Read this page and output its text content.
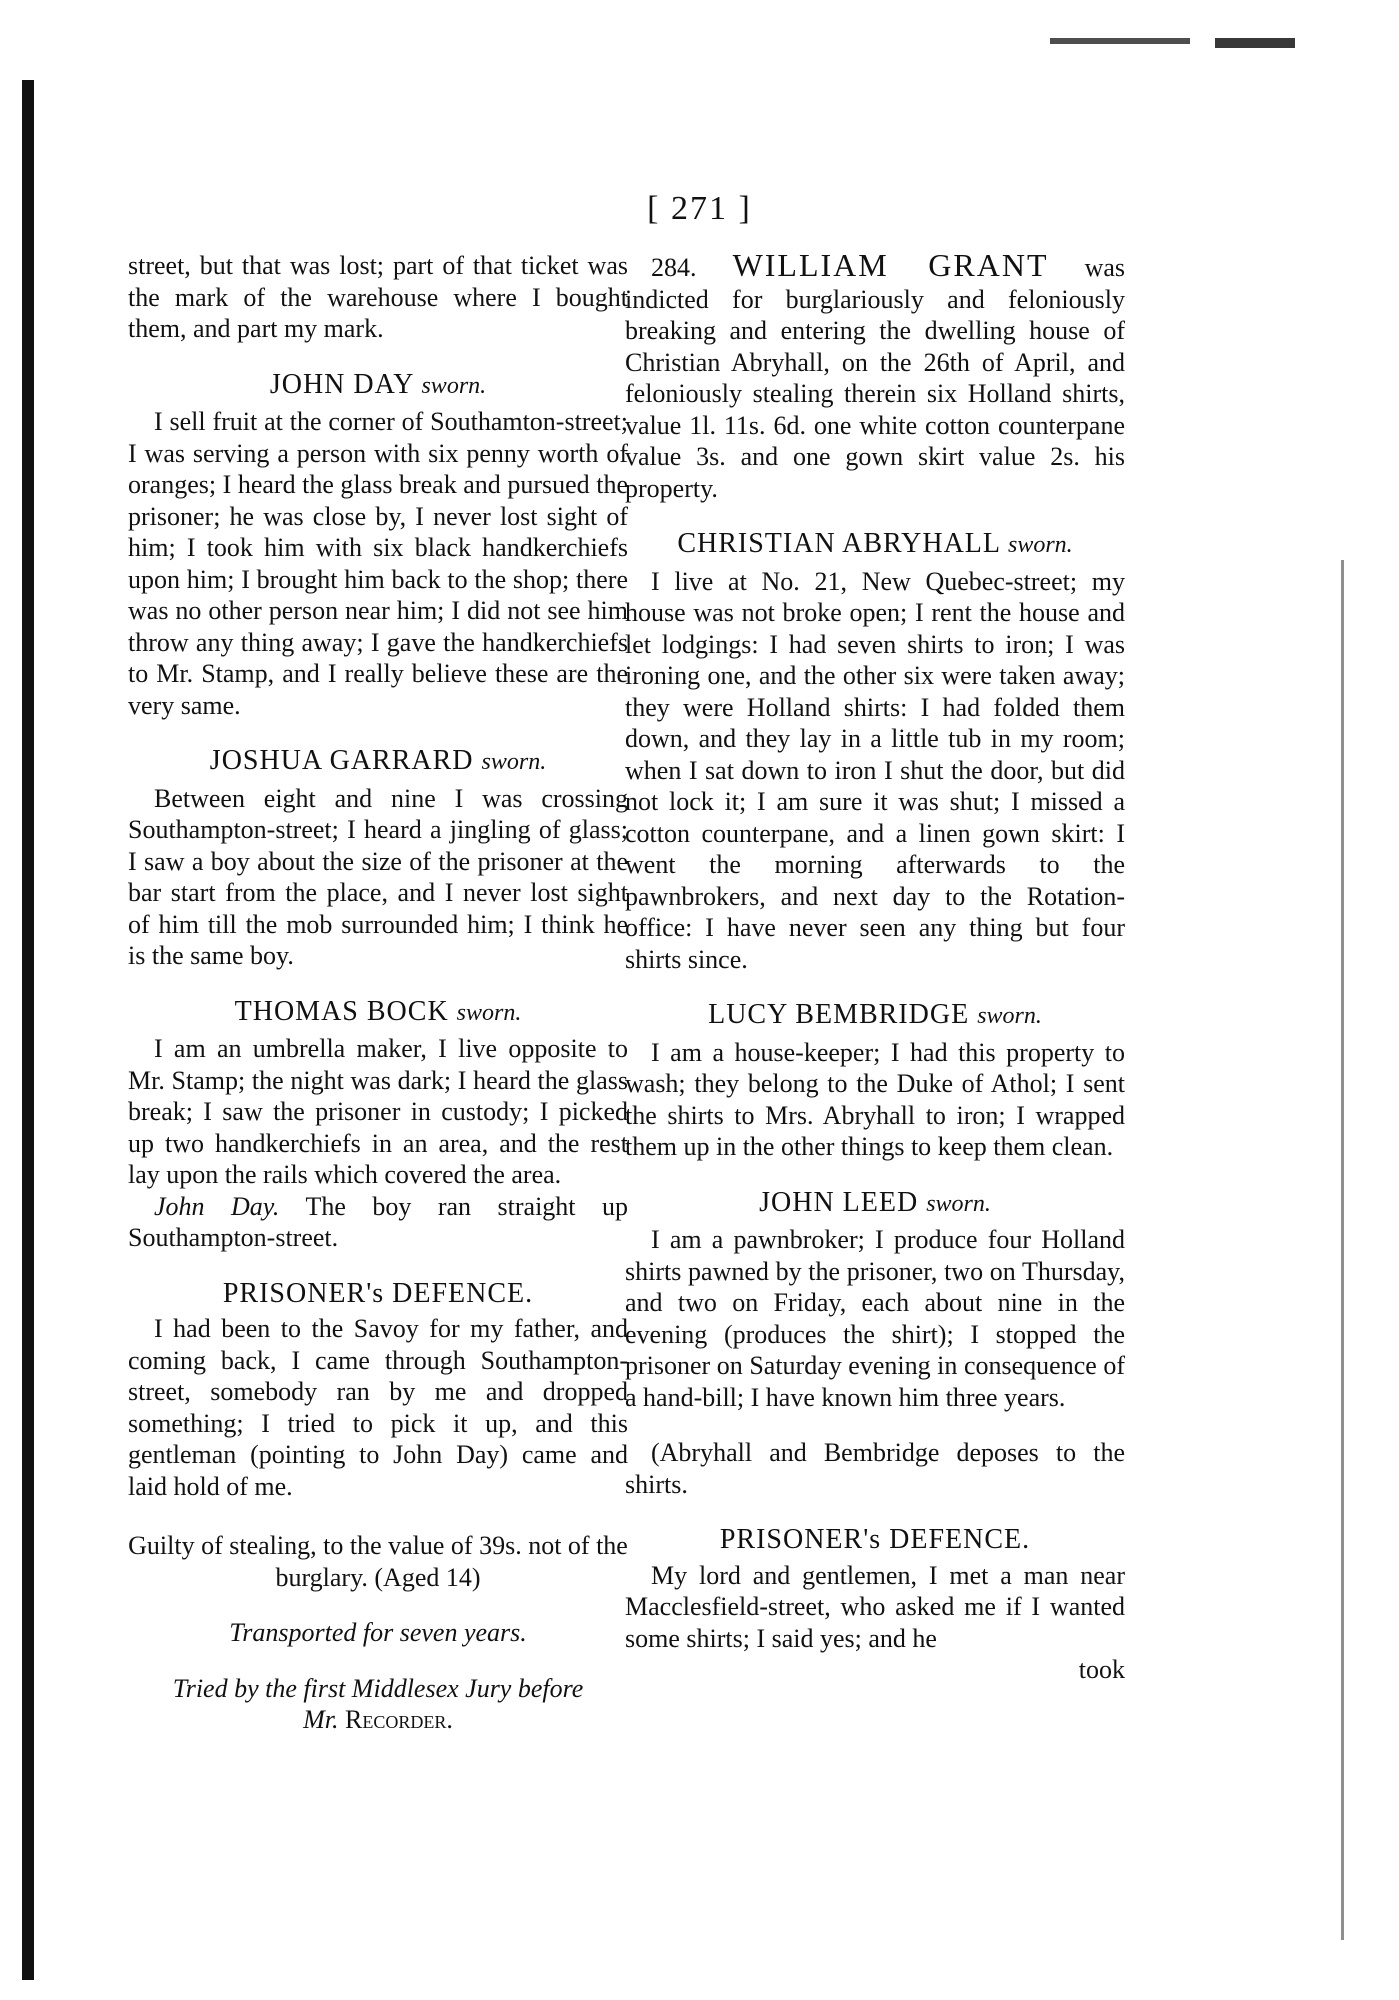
[ 271 ]

street, but that was lost; part of that ticket was the mark of the warehouse where I bought them, and part my mark.

JOHN DAY sworn.

I sell fruit at the corner of Southamton-street; I was serving a person with six penny worth of oranges; I heard the glass break and pursued the prisoner; he was close by, I never lost sight of him; I took him with six black handkerchiefs upon him; I brought him back to the shop; there was no other person near him; I did not see him throw any thing away; I gave the handkerchiefs to Mr. Stamp, and I really believe these are the very same.

JOSHUA GARRARD sworn.

Between eight and nine I was crossing Southampton-street; I heard a jingling of glass; I saw a boy about the size of the prisoner at the bar start from the place, and I never lost sight of him till the mob surrounded him; I think he is the same boy.

THOMAS BOCK sworn.

I am an umbrella maker, I live opposite to Mr. Stamp; the night was dark; I heard the glass break; I saw the prisoner in custody; I picked up two handkerchiefs in an area, and the rest lay upon the rails which covered the area.

John Day. The boy ran straight up Southampton-street.

PRISONER's DEFENCE.

I had been to the Savoy for my father, and coming back, I came through Southampton-street, somebody ran by me and dropped something; I tried to pick it up, and this gentleman (pointing to John Day) came and laid hold of me.

Guilty of stealing, to the value of 39s. not of the burglary. (Aged 14)

Transported for seven years.

Tried by the first Middlesex Jury before
Mr. Recorder.

284. WILLIAM GRANT was indicted for burglariously and feloniously breaking and entering the dwelling house of Christian Abryhall, on the 26th of April, and feloniously stealing therein six Holland shirts, value 1l. 11s. 6d. one white cotton counterpane value 3s. and one gown skirt value 2s. his property.

CHRISTIAN ABRYHALL sworn.

I live at No. 21, New Quebec-street; my house was not broke open; I rent the house and let lodgings: I had seven shirts to iron; I was ironing one, and the other six were taken away; they were Holland shirts: I had folded them down, and they lay in a little tub in my room; when I sat down to iron I shut the door, but did not lock it; I am sure it was shut; I missed a cotton counterpane, and a linen gown skirt: I went the morning afterwards to the pawnbrokers, and next day to the Rotation-office: I have never seen any thing but four shirts since.

LUCY BEMBRIDGE sworn.

I am a house-keeper; I had this property to wash; they belong to the Duke of Athol; I sent the shirts to Mrs. Abryhall to iron; I wrapped them up in the other things to keep them clean.

JOHN LEED sworn.

I am a pawnbroker; I produce four Holland shirts pawned by the prisoner, two on Thursday, and two on Friday, each about nine in the evening (produces the shirt); I stopped the prisoner on Saturday evening in consequence of a hand-bill; I have known him three years.

(Abryhall and Bembridge deposes to the shirts.

PRISONER's DEFENCE.

My lord and gentlemen, I met a man near Macclesfield-street, who asked me if I wanted some shirts; I said yes; and he

took
